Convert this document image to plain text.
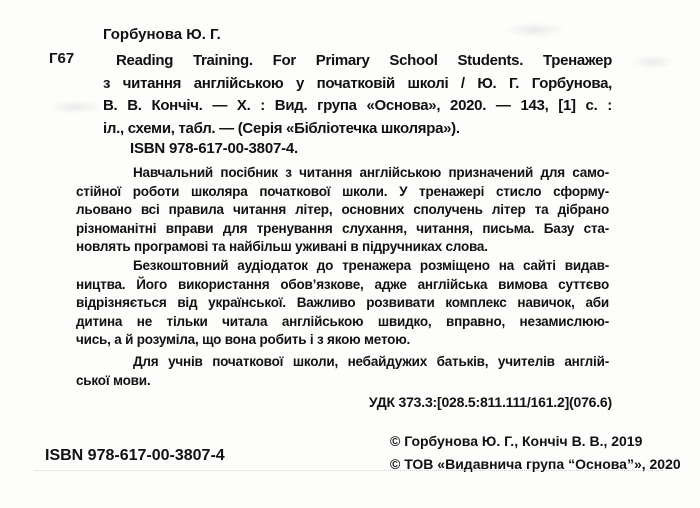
Горбунова Ю. Г.
Г67	Reading Training. For Primary School Students. Тренажер
з читання англійською у початковій школі / Ю. Г. Горбунова,
В. В. Кончіч. — Х. : Вид. група «Основа», 2020. — 143, [1] с. :
іл., схеми, табл. — (Серія «Бібліотечка школяра»).
ISBN 978-617-00-3807-4.
Навчальний посібник з читання англійською призначений для само-
стійної роботи школяра початкової школи. У тренажері стисло сформу-
льовано всі правила читання літер, основних сполучень літер та дібрано
різноманітні вправи для тренування слухання, читання, письма. Базу ста-
новлять програмові та найбільш уживані в підручниках слова.
Безкоштовний аудіодаток до тренажера розміщено на сайті видав-
ництва. Його використання обов’язкове, адже англійська вимова суттєво
відрізняється від української. Важливо розвивати комплекс навичок, аби
дитина не тільки читала англійською швидко, вправно, незамислюю-
чись, а й розуміла, що вона робить і з якою метою.
Для учнів початкової школи, небайдужих батьків, учителів англій-
ської мови.
УДК 373.3:[028.5:811.111/161.2](076.6)
ISBN 978-617-00-3807-4
© Горбунова Ю. Г., Кончіч В. В., 2019
© ТОВ «Видавнича група “Основа”», 2020
